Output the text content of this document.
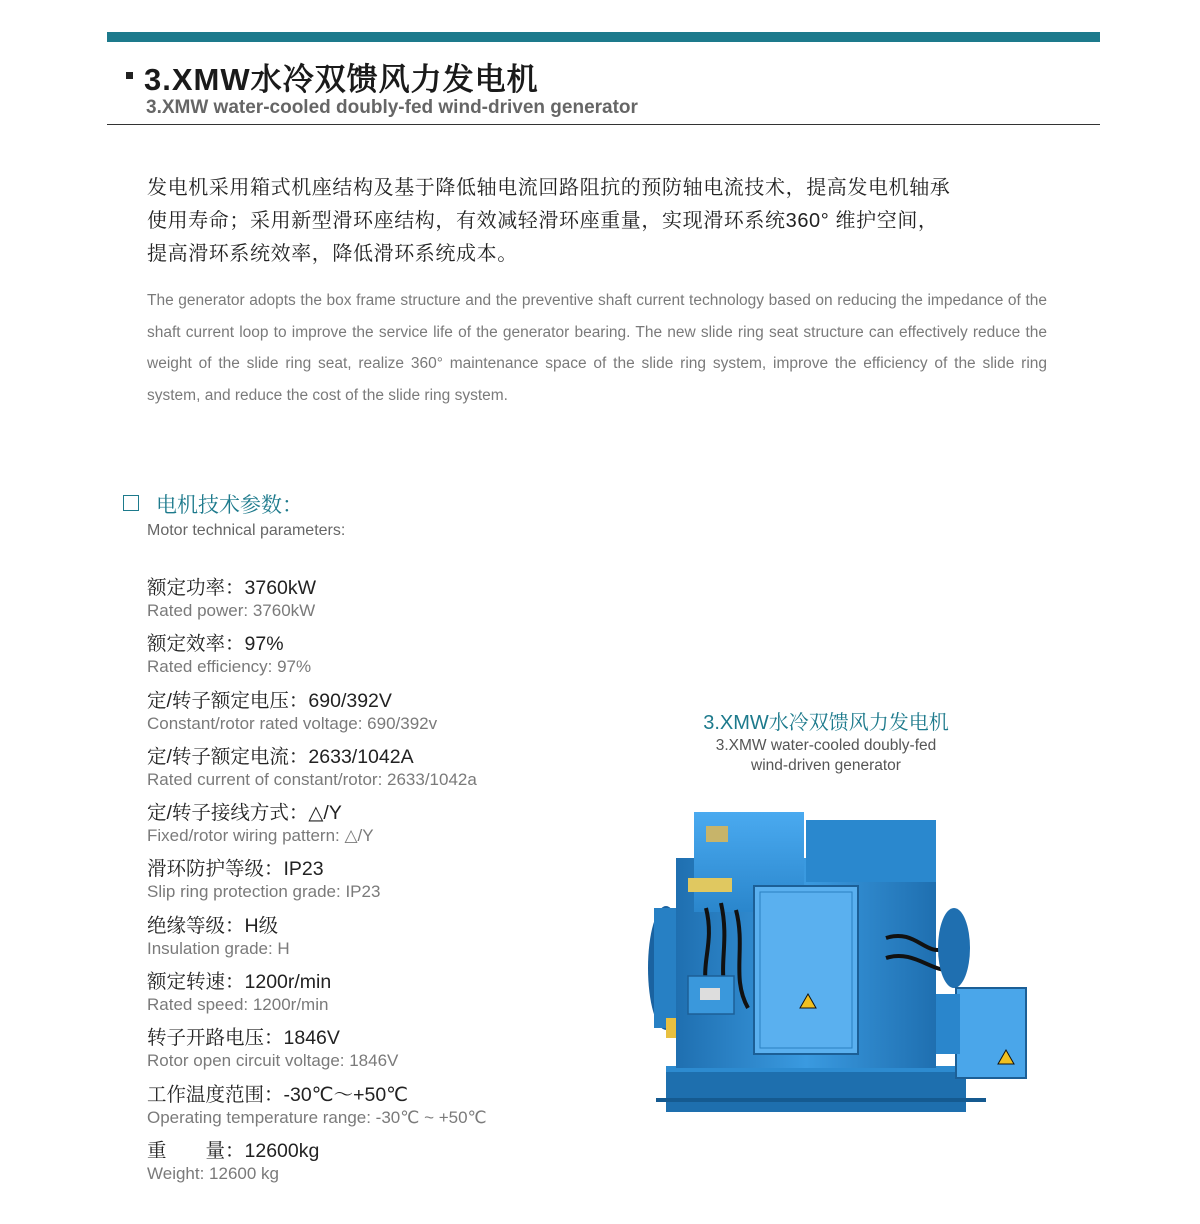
3.XMW水冷双馈风力发电机
3.XMW water-cooled doubly-fed wind-driven generator
发电机采用箱式机座结构及基于降低轴电流回路阻抗的预防轴电流技术，提高发电机轴承
使用寿命；采用新型滑环座结构，有效减轻滑环座重量，实现滑环系统360° 维护空间，
提高滑环系统效率，降低滑环系统成本。
The generator adopts the box frame structure and the preventive shaft current technology based on reducing the impedance of the shaft current loop to improve the service life of the generator bearing. The new slide ring seat structure can effectively reduce the weight of the slide ring seat, realize 360° maintenance space of the slide ring system, improve the efficiency of the slide ring system, and reduce the cost of the slide ring system.
电机技术参数：
Motor technical parameters:
额定功率：3760kW
Rated power: 3760kW
额定效率：97%
Rated efficiency: 97%
定/转子额定电压：690/392V
Constant/rotor rated voltage: 690/392v
定/转子额定电流：2633/1042A
Rated current of constant/rotor: 2633/1042a
定/转子接线方式：△/Y
Fixed/rotor wiring pattern: △/Y
滑环防护等级：IP23
Slip ring protection grade: IP23
绝缘等级：H级
Insulation grade: H
额定转速：1200r/min
Rated speed: 1200r/min
转子开路电压：1846V
Rotor open circuit voltage: 1846V
工作温度范围：-30℃～+50℃
Operating temperature range: -30℃ ~ +50℃
重　　量：12600kg
Weight: 12600 kg
3.XMW水冷双馈风力发电机
3.XMW water-cooled doubly-fed
wind-driven generator
